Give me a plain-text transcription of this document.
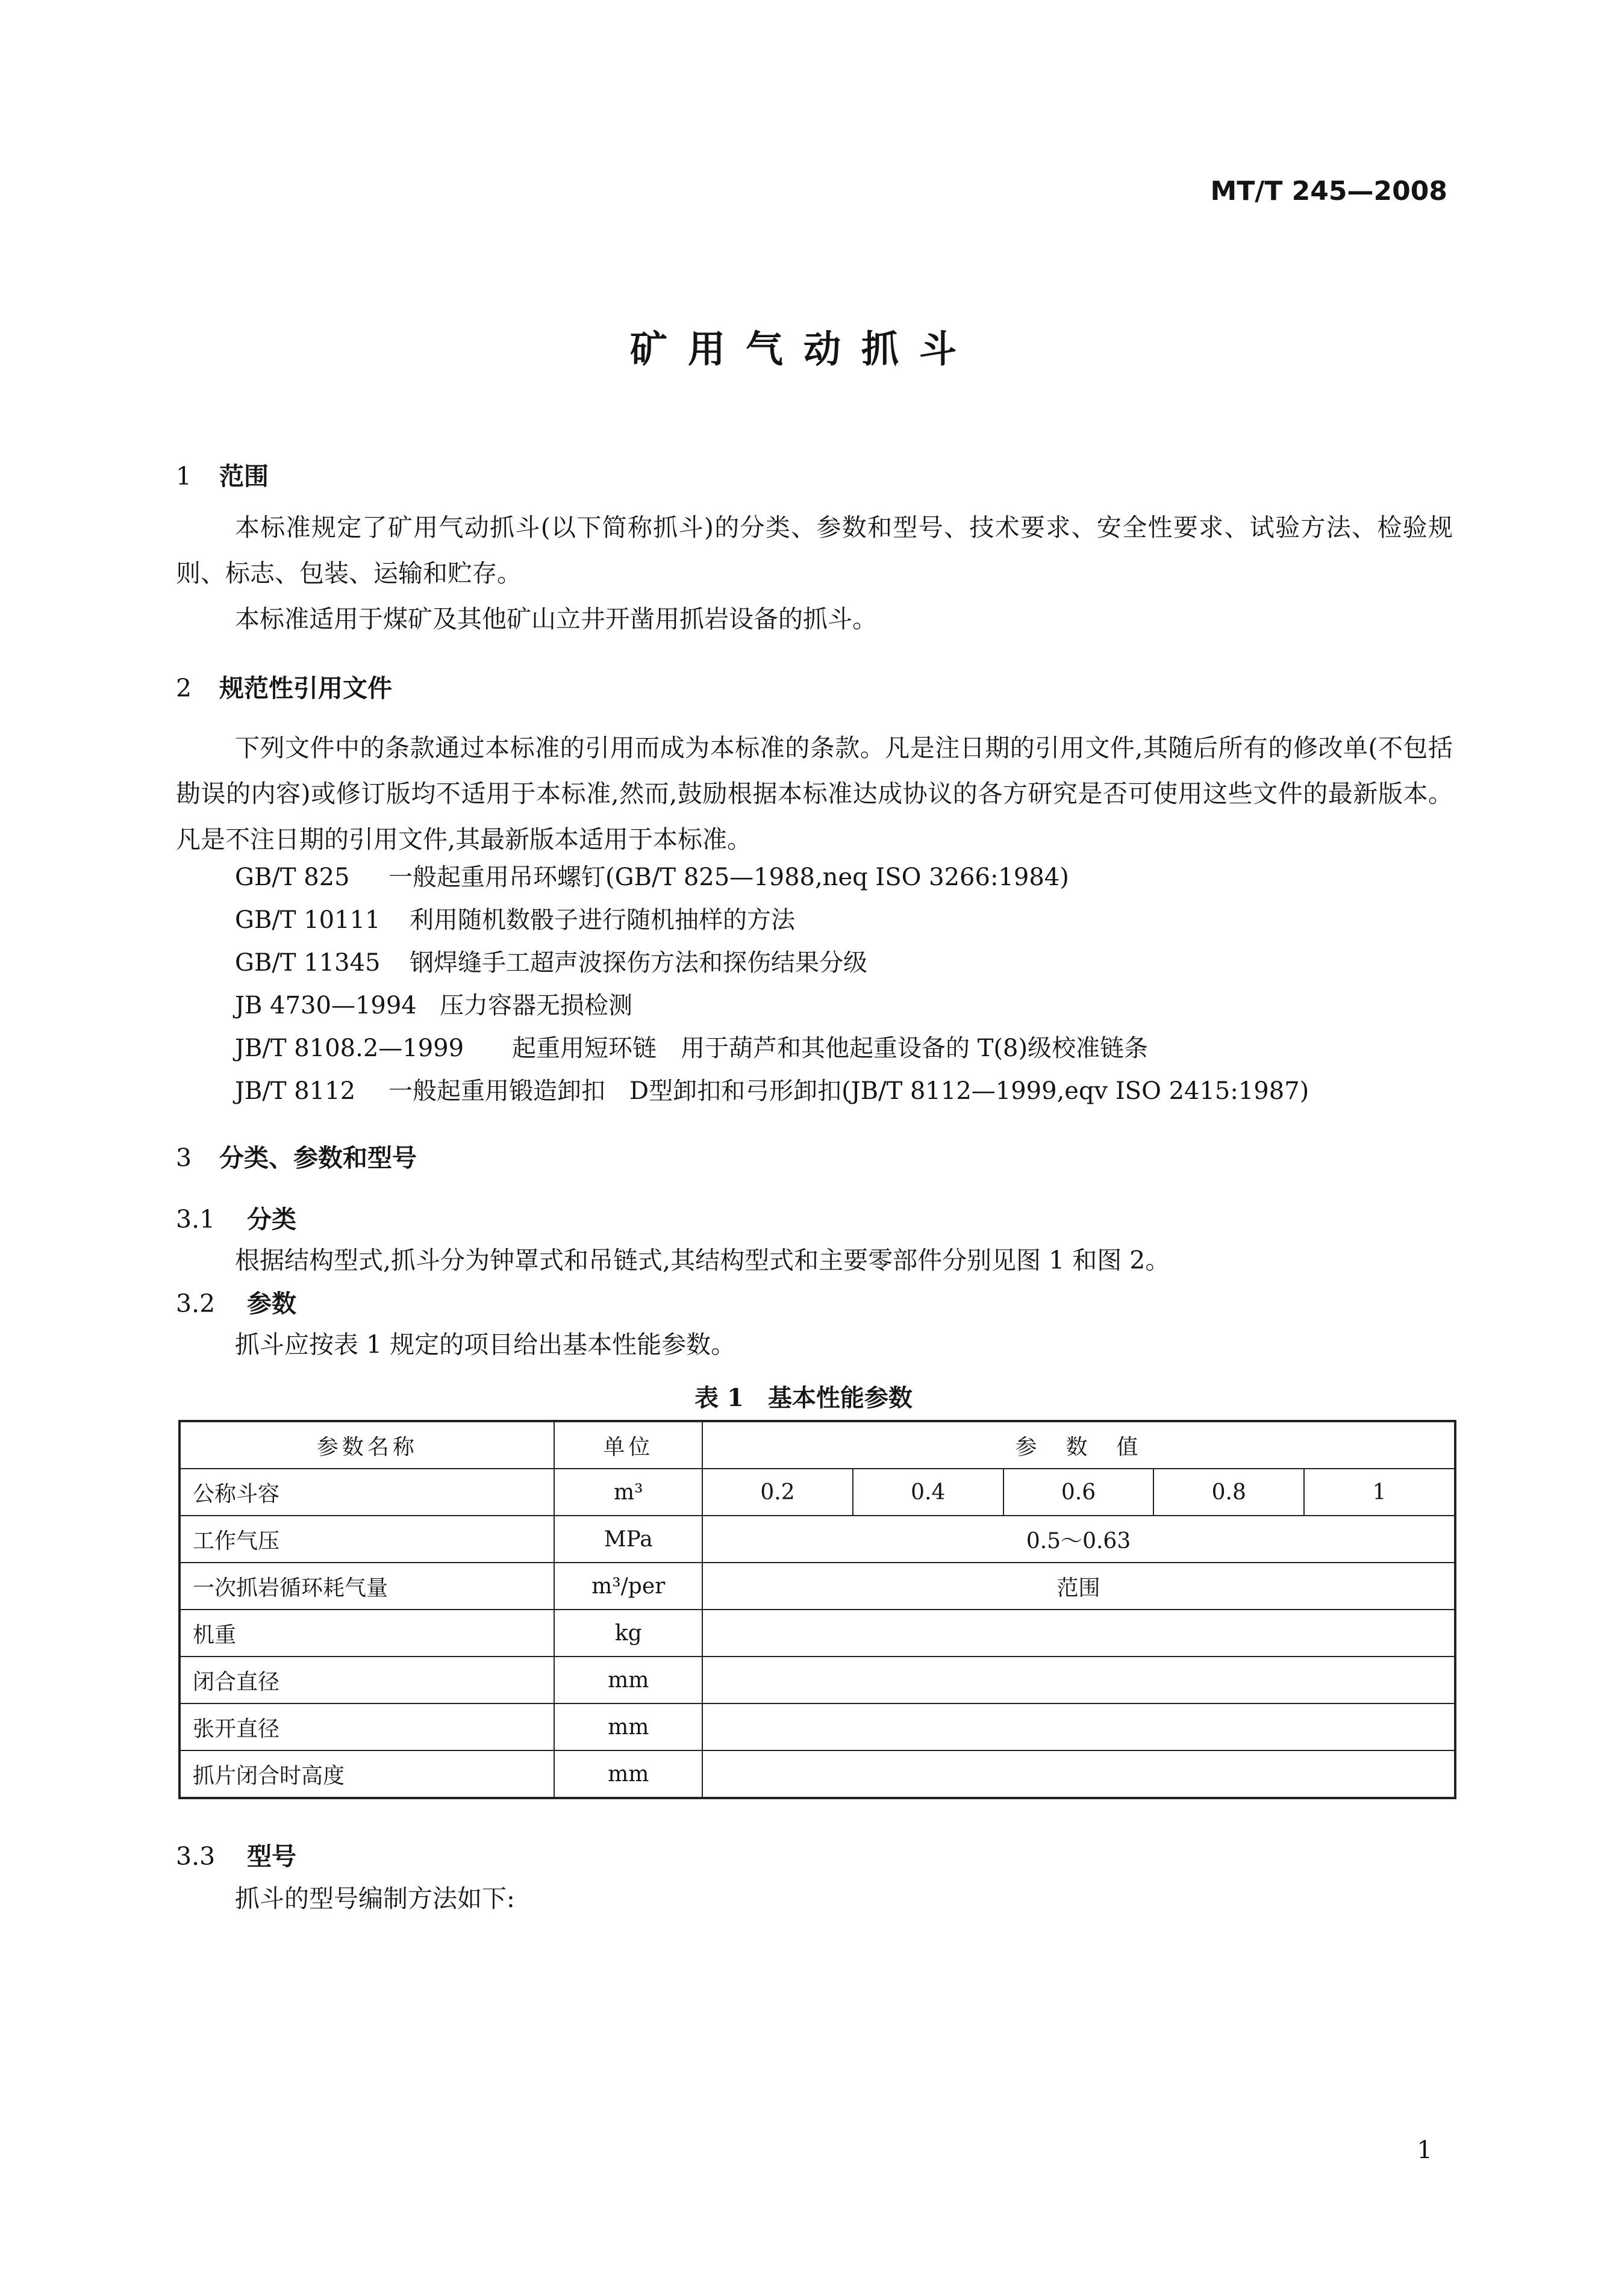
MT/T 245—2008
矿用气动抓斗
1 范围
本标准规定了矿用气动抓斗(以下简称抓斗)的分类、参数和型号、技术要求、安全性要求、试验方法、检验规则、标志、包装、运输和贮存。
本标准适用于煤矿及其他矿山立井开凿用抓岩设备的抓斗。
2 规范性引用文件
下列文件中的条款通过本标准的引用而成为本标准的条款。凡是注日期的引用文件,其随后所有的修改单(不包括勘误的内容)或修订版均不适用于本标准,然而,鼓励根据本标准达成协议的各方研究是否可使用这些文件的最新版本。凡是不注日期的引用文件,其最新版本适用于本标准。
GB/T 825 一般起重用吊环螺钉(GB/T 825—1988,neq ISO 3266:1984)
GB/T 10111 利用随机数骰子进行随机抽样的方法
GB/T 11345 钢焊缝手工超声波探伤方法和探伤结果分级
JB 4730—1994 压力容器无损检测
JB/T 8108.2—1999 起重用短环链　用于葫芦和其他起重设备的 T(8)级校准链条
JB/T 8112 一般起重用锻造卸扣　D型卸扣和弓形卸扣(JB/T 8112—1999,eqv ISO 2415:1987)
3 分类、参数和型号
3.1 分类
根据结构型式,抓斗分为钟罩式和吊链式,其结构型式和主要零部件分别见图 1 和图 2。
3.2 参数
抓斗应按表 1 规定的项目给出基本性能参数。
表 1　基本性能参数
参数名称	单位	参　数　值				
公称斗容	m³	0.2	0.4	0.6	0.8	1
工作气压	MPa	0.5～0.63				
一次抓岩循环耗气量	m³/per	范围				
机重	kg					
闭合直径	mm					
张开直径	mm					
抓片闭合时高度	mm					
3.3 型号
抓斗的型号编制方法如下:
1
